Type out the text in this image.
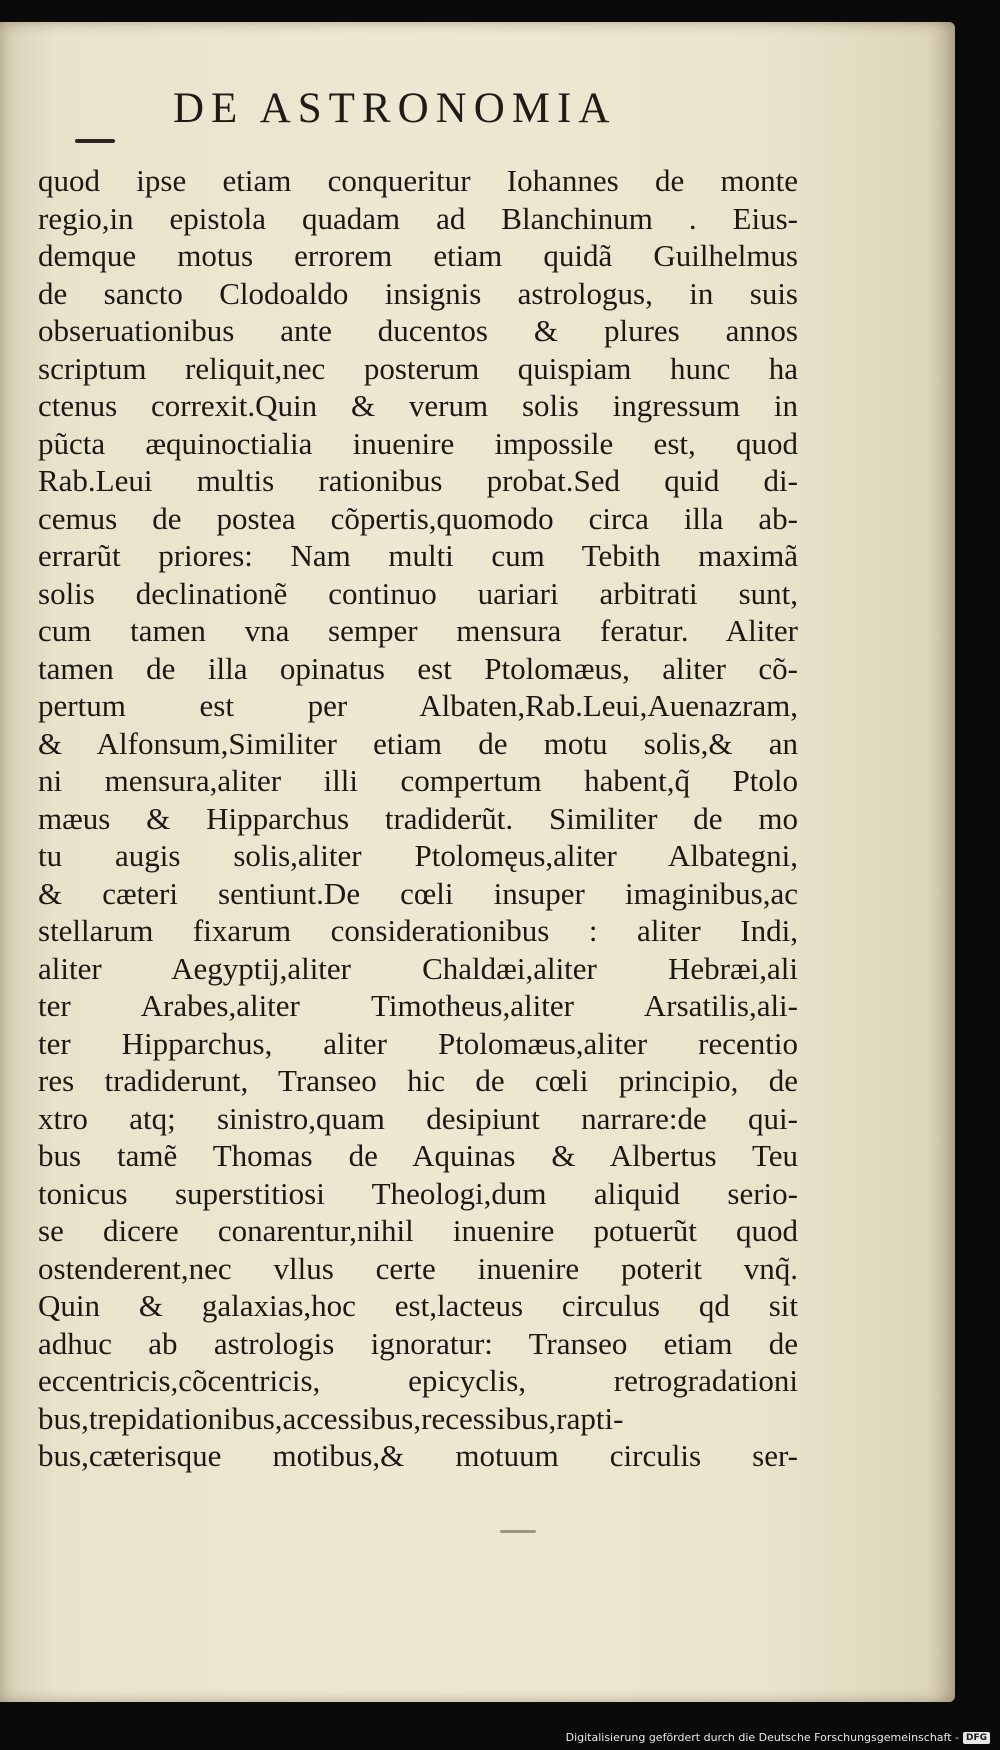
DE ASTRONOMIA
quod ipse etiam conqueritur Iohannes de monte
regio,in epistola quadam ad Blanchinum . Eius-
demque motus errorem etiam quidã Guilhelmus
de sancto Clodoaldo insignis astrologus, in suis
obseruationibus ante ducentos & plures annos
scriptum reliquit,nec posterum quispiam hunc ha
ctenus correxit.Quin & verum solis ingressum in
pũcta æquinoctialia inuenire impossile est, quod
Rab.Leui multis rationibus probat.Sed quid di-
cemus de postea cõpertis,quomodo circa illa ab-
errarũt priores: Nam multi cum Tebith maximã
solis declinationẽ continuo uariari arbitrati sunt,
cum tamen vna semper mensura feratur. Aliter
tamen de illa opinatus est Ptolomæus, aliter cõ-
pertum est per Albaten,Rab.Leui,Auenazram,
& Alfonsum,Similiter etiam de motu solis,& an
ni mensura,aliter illi compertum habent,q̃ Ptolo
mæus & Hipparchus tradiderũt. Similiter de mo
tu augis solis,aliter Ptolomęus,aliter Albategni,
& cæteri sentiunt.De cœli insuper imaginibus,ac
stellarum fixarum considerationibus : aliter Indi,
aliter Aegyptij,aliter Chaldæi,aliter Hebræi,ali
ter Arabes,aliter Timotheus,aliter Arsatilis,ali-
ter Hipparchus, aliter Ptolomæus,aliter recentio
res tradiderunt, Transeo hic de cœli principio, de
xtro atq; sinistro,quam desipiunt narrare:de qui-
bus tamẽ Thomas de Aquinas & Albertus Teu
tonicus superstitiosi Theologi,dum aliquid serio-
se dicere conarentur,nihil inuenire potuerũt quod
ostenderent,nec vllus certe inuenire poterit vnq̃.
Quin & galaxias,hoc est,lacteus circulus qd sit
adhuc ab astrologis ignoratur: Transeo etiam de
eccentricis,cõcentricis, epicyclis, retrogradationi
bus,trepidationibus,accessibus,recessibus,rapti-
bus,cæterisque motibus,& motuum circulis ser-
Digitalisierung gefördert durch die Deutsche Forschungsgemeinschaft - DFG
